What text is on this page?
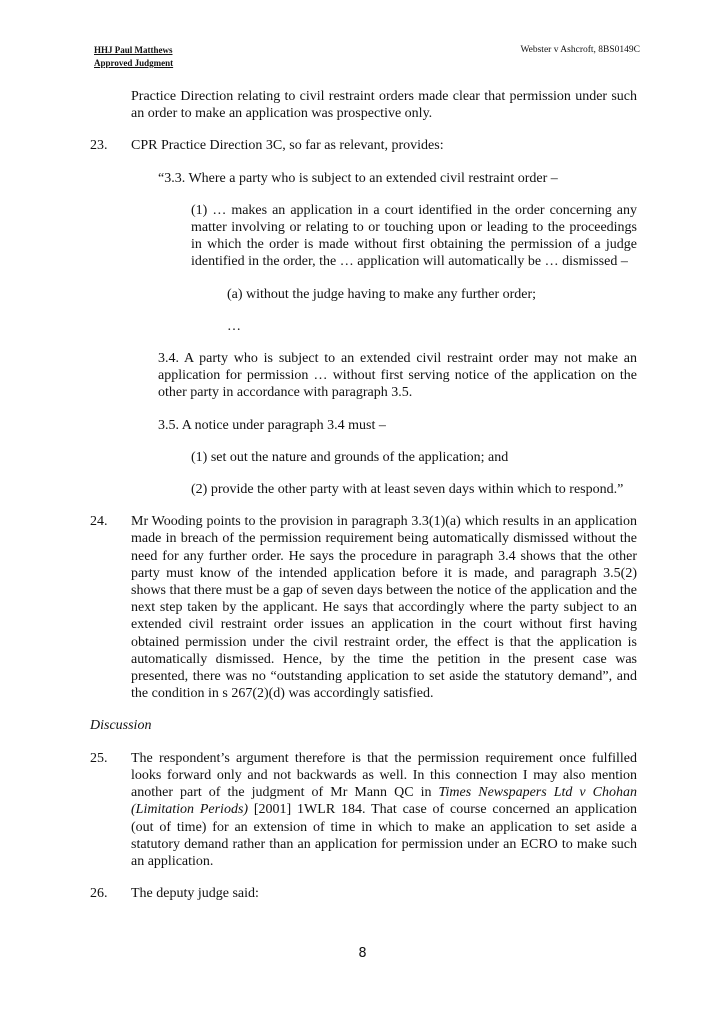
HHJ Paul Matthews
Approved Judgment
Webster v Ashcroft, 8BS0149C

Practice Direction relating to civil restraint orders made clear that permission under such an order to make an application was prospective only.

23. CPR Practice Direction 3C, so far as relevant, provides:

“3.3. Where a party who is subject to an extended civil restraint order –

(1) … makes an application in a court identified in the order concerning any matter involving or relating to or touching upon or leading to the proceedings in which the order is made without first obtaining the permission of a judge identified in the order, the … application will automatically be … dismissed –

(a) without the judge having to make any further order;

…

3.4. A party who is subject to an extended civil restraint order may not make an application for permission … without first serving notice of the application on the other party in accordance with paragraph 3.5.

3.5. A notice under paragraph 3.4 must –

(1) set out the nature and grounds of the application; and

(2) provide the other party with at least seven days within which to respond.”

24. Mr Wooding points to the provision in paragraph 3.3(1)(a) which results in an application made in breach of the permission requirement being automatically dismissed without the need for any further order. He says the procedure in paragraph 3.4 shows that the other party must know of the intended application before it is made, and paragraph 3.5(2) shows that there must be a gap of seven days between the notice of the application and the next step taken by the applicant. He says that accordingly where the party subject to an extended civil restraint order issues an application in the court without first having obtained permission under the civil restraint order, the effect is that the application is automatically dismissed. Hence, by the time the petition in the present case was presented, there was no “outstanding application to set aside the statutory demand”, and the condition in s 267(2)(d) was accordingly satisfied.

Discussion

25. The respondent’s argument therefore is that the permission requirement once fulfilled looks forward only and not backwards as well. In this connection I may also mention another part of the judgment of Mr Mann QC in Times Newspapers Ltd v Chohan (Limitation Periods) [2001] 1WLR 184. That case of course concerned an application (out of time) for an extension of time in which to make an application to set aside a statutory demand rather than an application for permission under an ECRO to make such an application.

26. The deputy judge said:

8
